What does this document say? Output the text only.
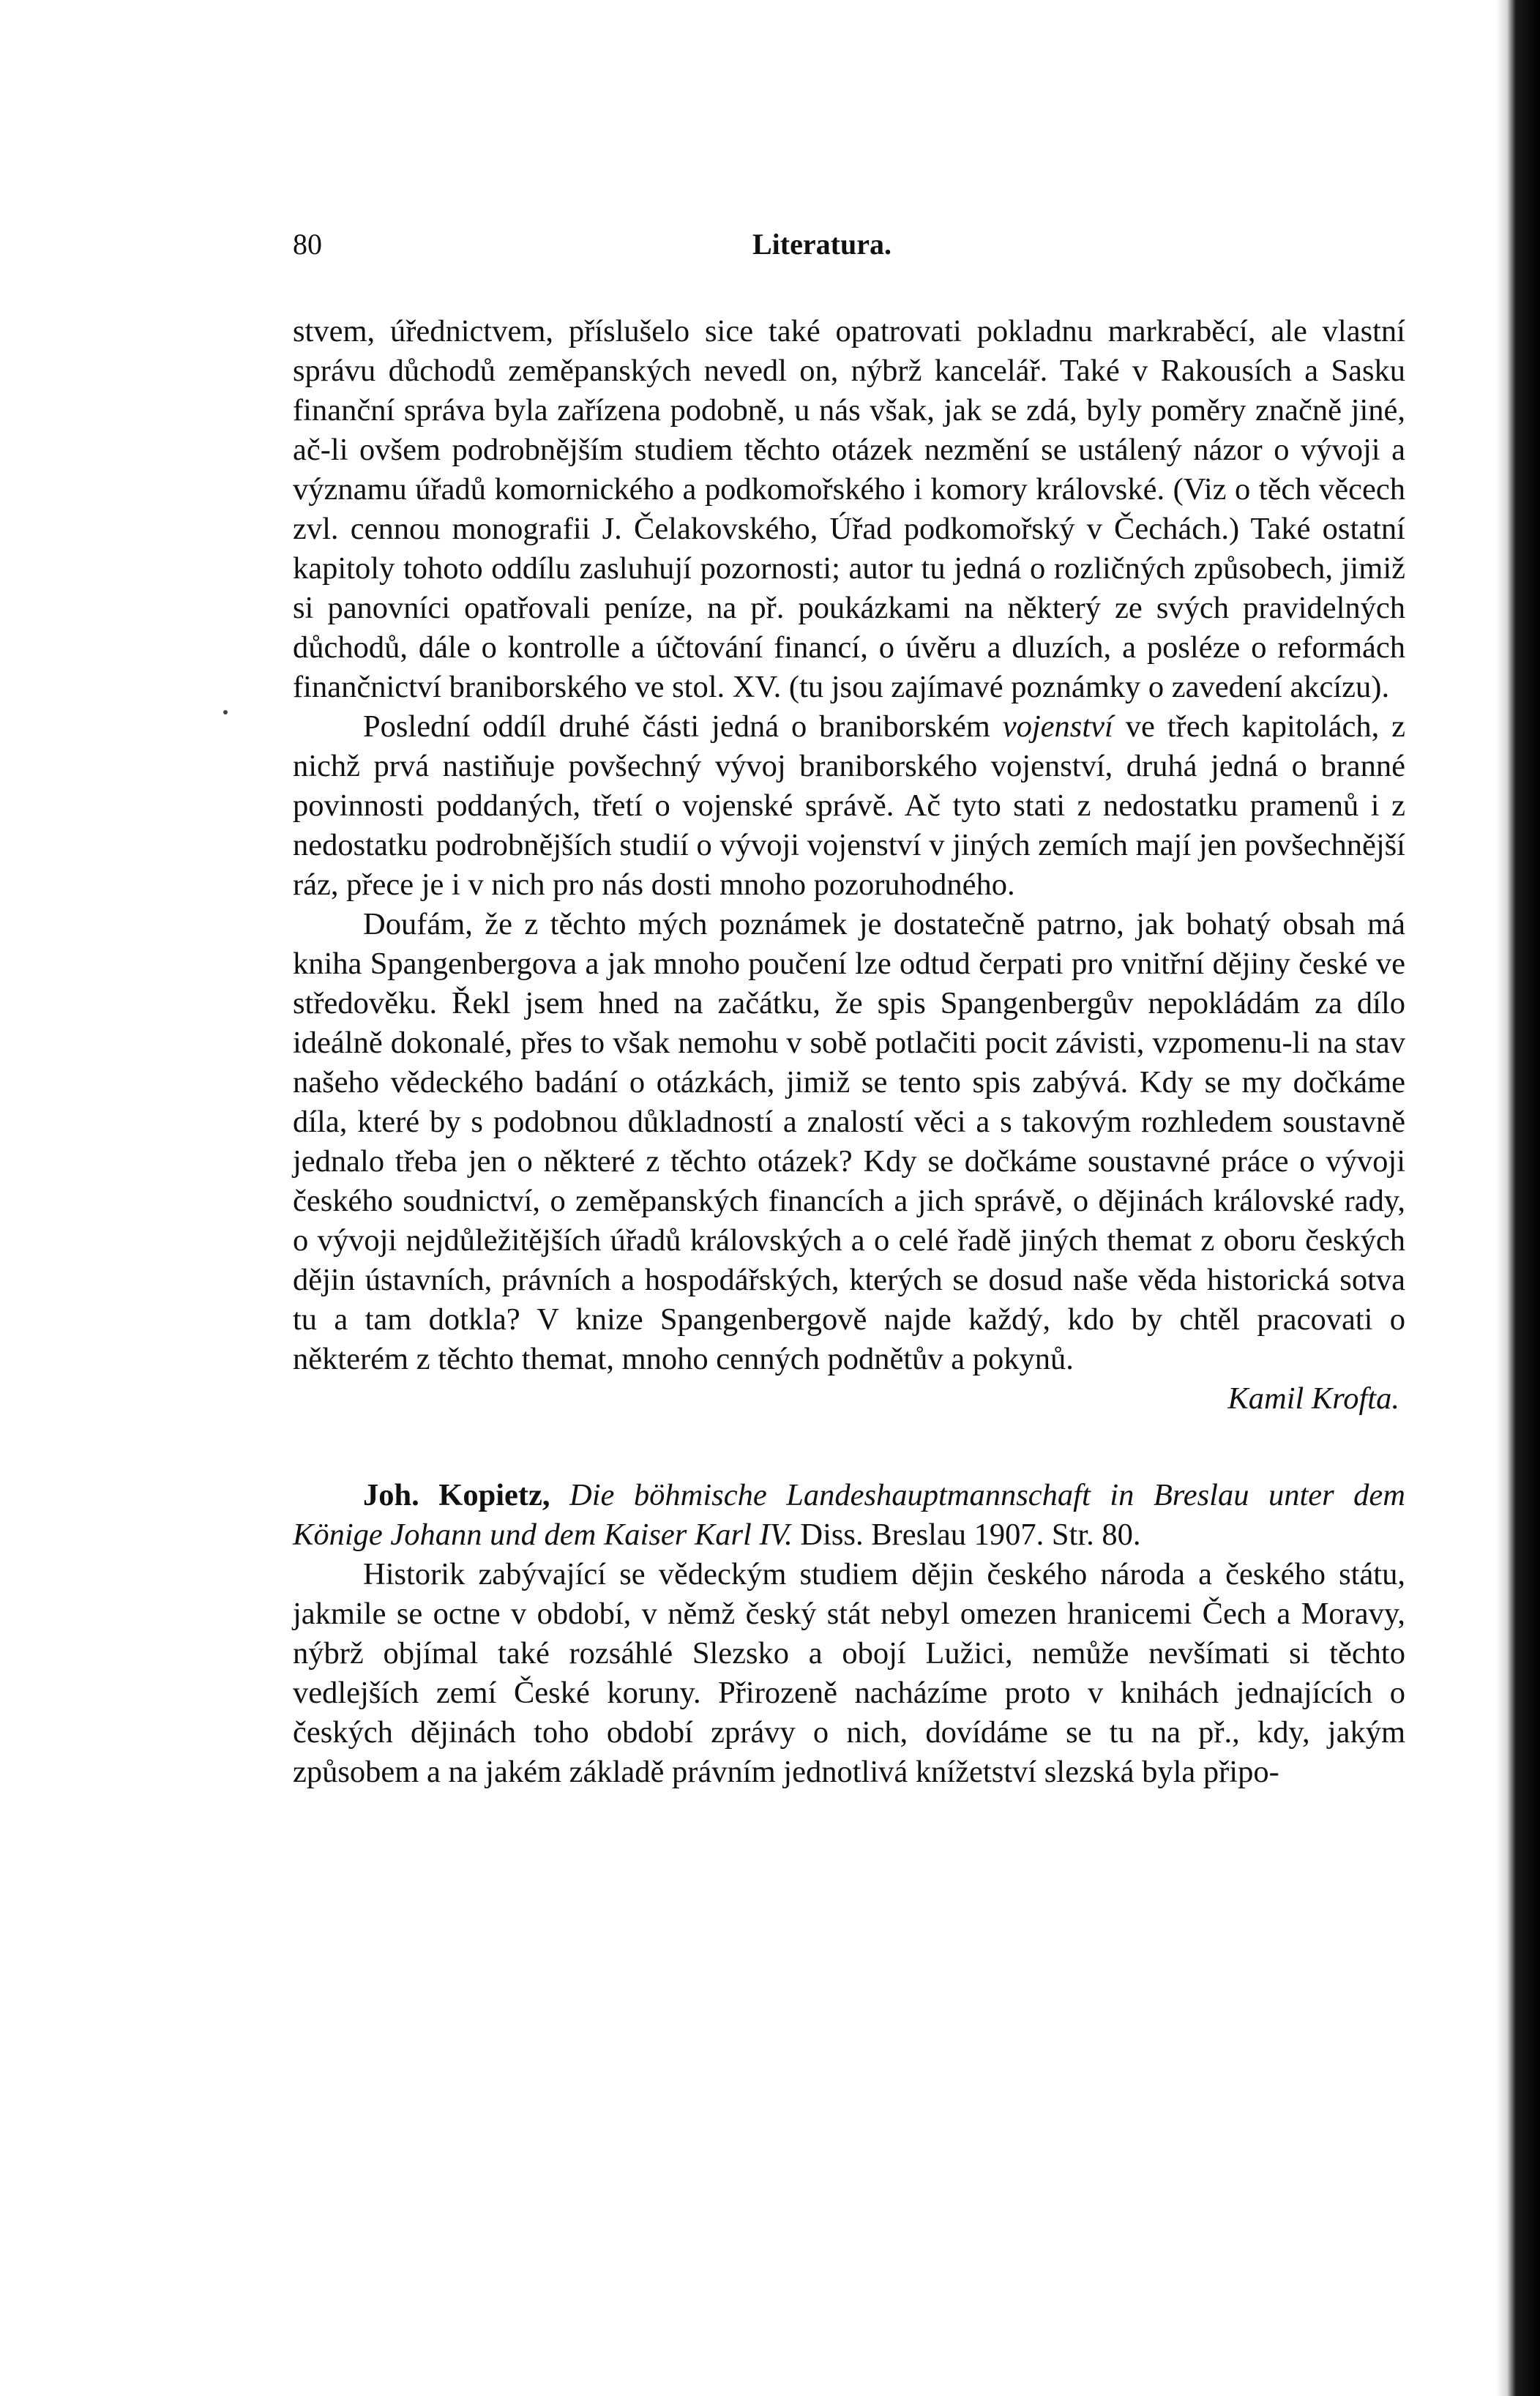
80	Literatura.

stvem, úřednictvem, příslušelo sice také opatrovati pokladnu markraběcí, ale vlastní správu důchodů zeměpanských nevedl on, nýbrž kancelář. Také v Rakousích a Sasku finanční správa byla zařízena podobně, u nás však, jak se zdá, byly poměry značně jiné, ač-li ovšem podrobnějším studiem těchto otázek nezmění se ustálený názor o vývoji a významu úřadů komornického a podkomořského i komory královské. (Viz o těch věcech zvl. cennou monografii J. Čelakovského, Úřad podkomořský v Čechách.) Také ostatní kapitoly tohoto oddílu zasluhují pozornosti; autor tu jedná o rozličných způsobech, jimiž si panovníci opatřovali peníze, na př. poukázkami na některý ze svých pravidelných důchodů, dále o kontrolle a účtování financí, o úvěru a dluzích, a posléze o reformách finančnictví braniborského ve stol. XV. (tu jsou zajímavé poznámky o zavedení akcízu).

Poslední oddíl druhé části jedná o braniborském vojenství ve třech kapitolách, z nichž prvá nastiňuje povšechný vývoj braniborského vojenství, druhá jedná o branné povinnosti poddaných, třetí o vojenské správě. Ač tyto stati z nedostatku pramenů i z nedostatku podrobnějších studií o vývoji vojenství v jiných zemích mají jen povšechnější ráz, přece je i v nich pro nás dosti mnoho pozoruhodného.

Doufám, že z těchto mých poznámek je dostatečně patrno, jak bohatý obsah má kniha Spangenbergova a jak mnoho poučení lze odtud čerpati pro vnitřní dějiny české ve středověku. Řekl jsem hned na začátku, že spis Spangenbergův nepokládám za dílo ideálně dokonalé, přes to však nemohu v sobě potlačiti pocit závisti, vzpomenu-li na stav našeho vědeckého badání o otázkách, jimiž se tento spis zabývá. Kdy se my dočkáme díla, které by s podobnou důkladností a znalostí věci a s takovým rozhledem soustavně jednalo třeba jen o některé z těchto otázek? Kdy se dočkáme soustavné práce o vývoji českého soudnictví, o zeměpanských financích a jich správě, o dějinách královské rady, o vývoji nejdůležitějších úřadů královských a o celé řadě jiných themat z oboru českých dějin ústavních, právních a hospodářských, kterých se dosud naše věda historická sotva tu a tam dotkla? V knize Spangenbergově najde každý, kdo by chtěl pracovati o některém z těchto themat, mnoho cenných podnětův a pokynů.

Kamil Krofta.

Joh. Kopietz, Die böhmische Landeshauptmannschaft in Breslau unter dem Könige Johann und dem Kaiser Karl IV. Diss. Breslau 1907. Str. 80.

Historik zabývající se vědeckým studiem dějin českého národa a českého státu, jakmile se octne v období, v němž český stát nebyl omezen hranicemi Čech a Moravy, nýbrž objímal také rozsáhlé Slezsko a obojí Lužici, nemůže nevšímati si těchto vedlejších zemí České koruny. Přirozeně nacházíme proto v knihách jednajících o českých dějinách toho období zprávy o nich, dovídáme se tu na př., kdy, jakým způsobem a na jakém základě právním jednotlivá knížetství slezská byla připo-
